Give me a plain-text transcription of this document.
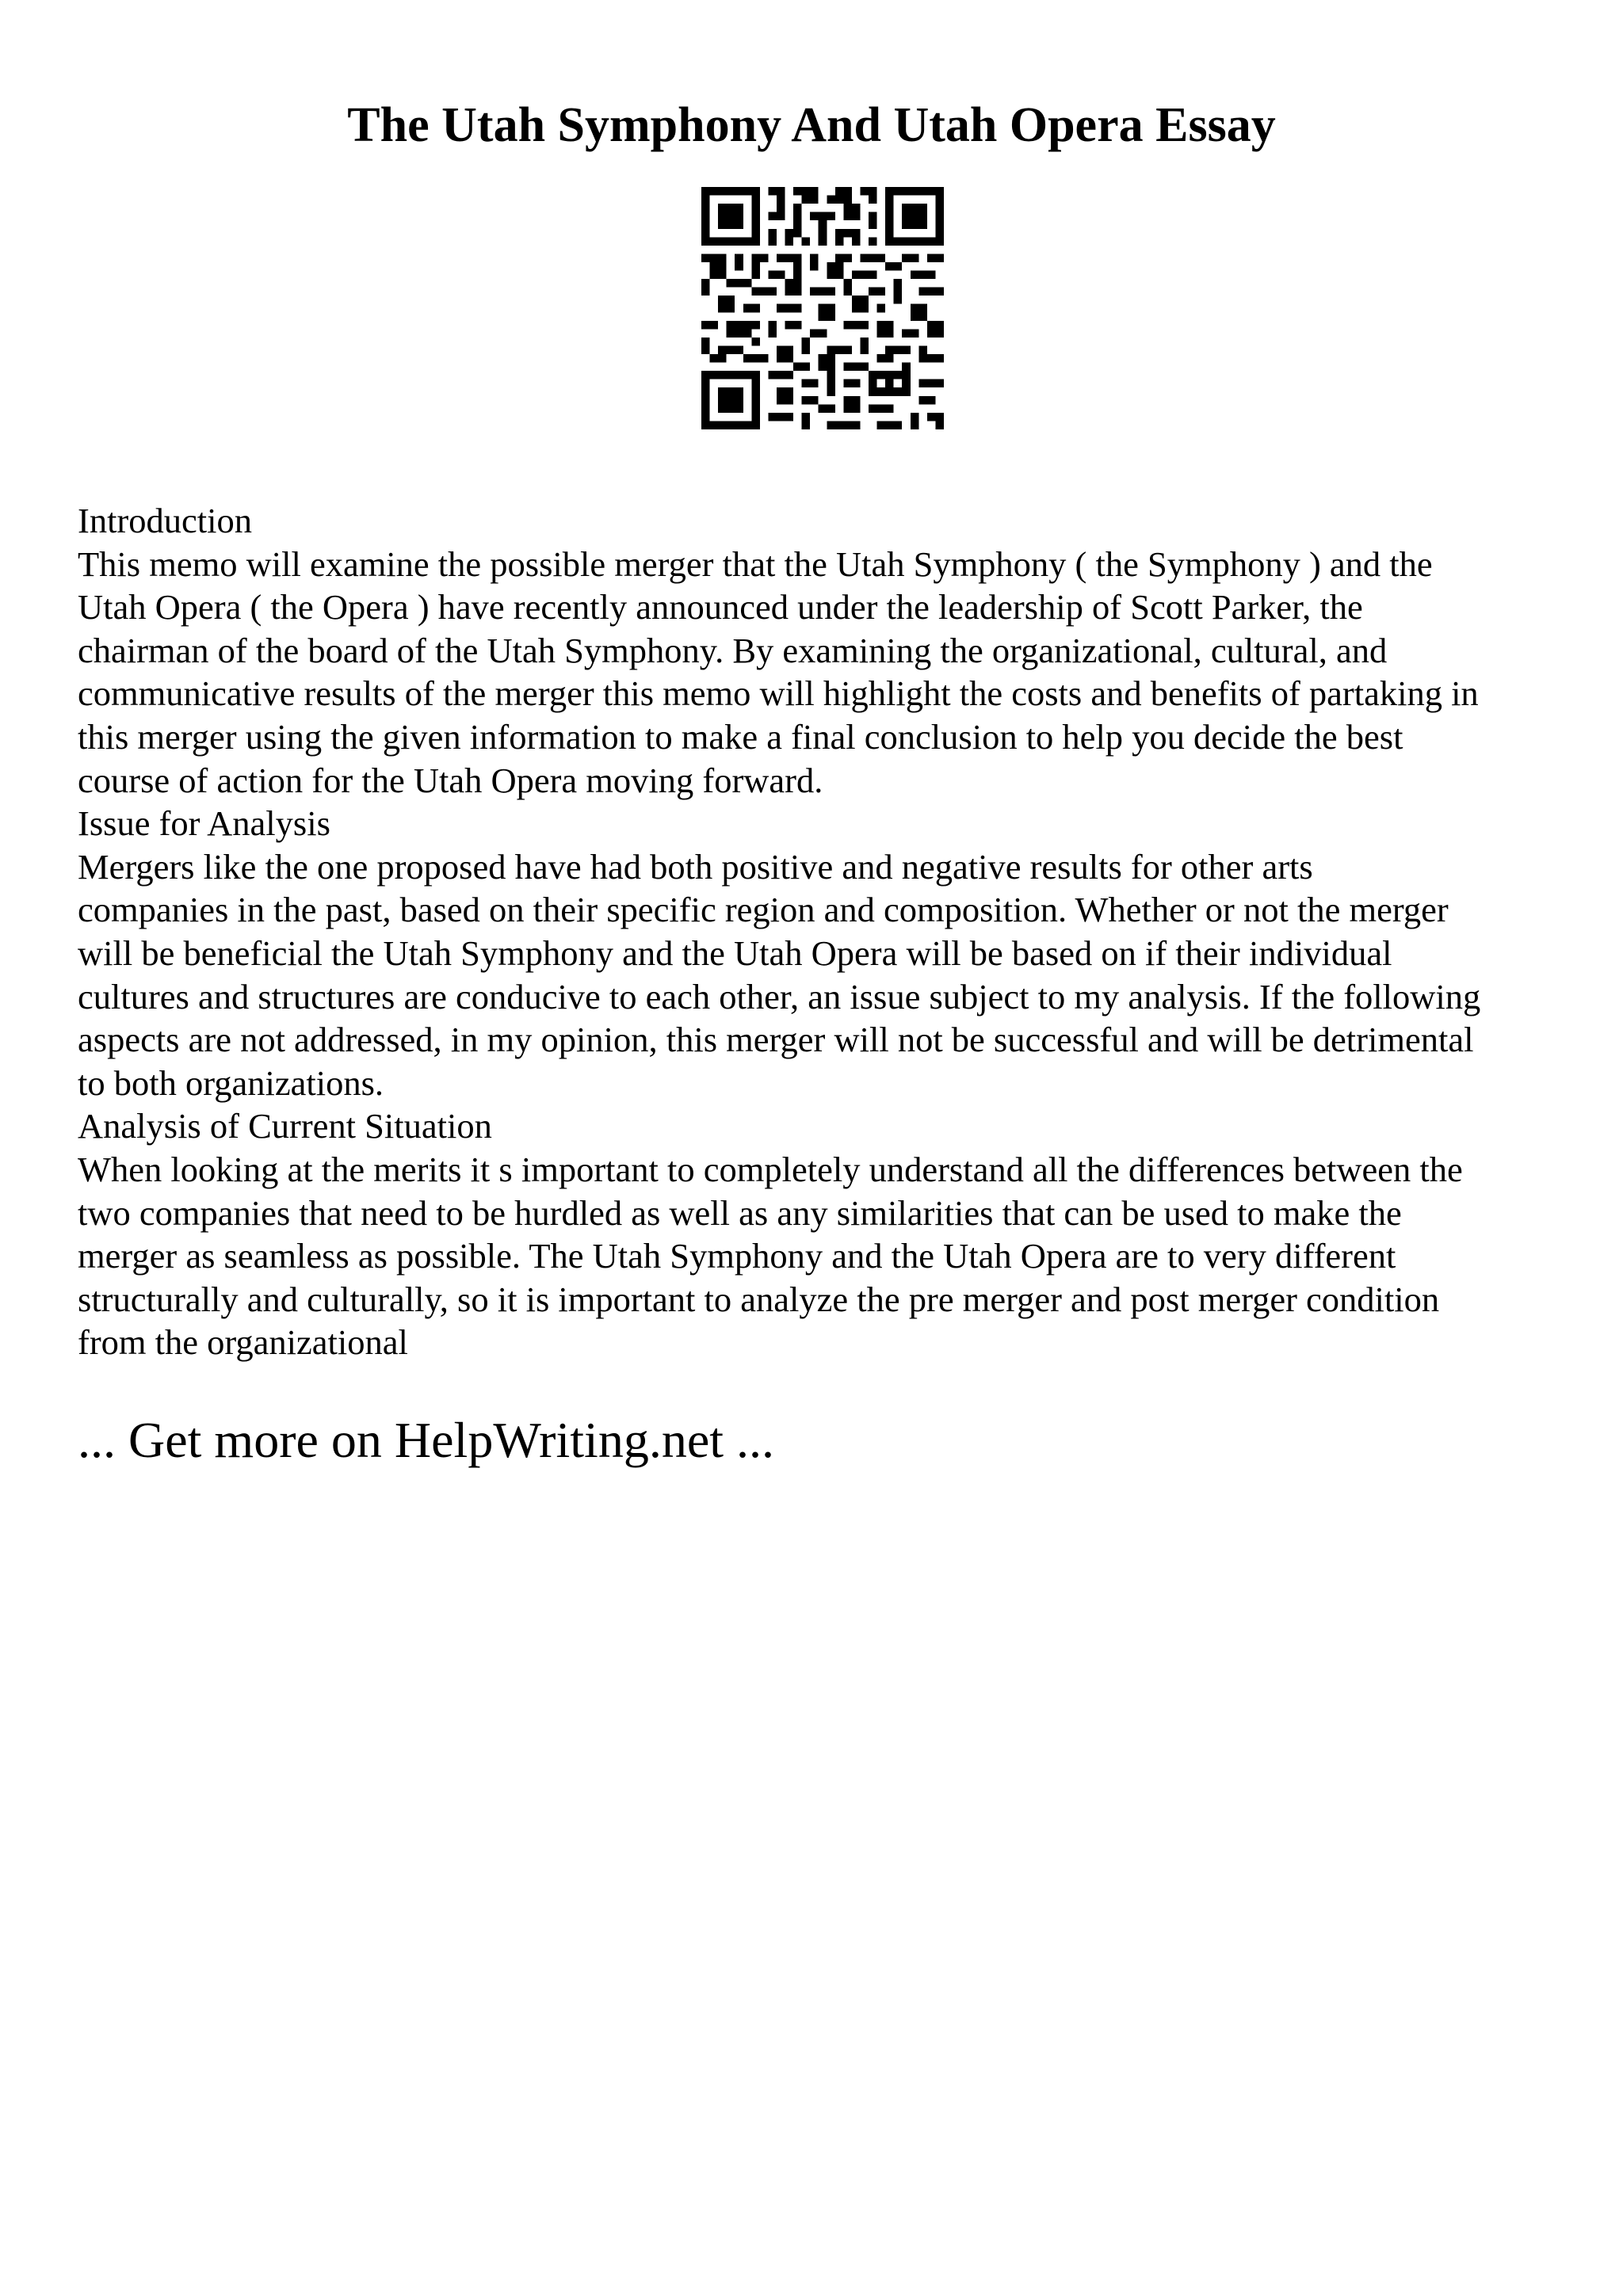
The Utah Symphony And Utah Opera Essay

Introduction

This memo will examine the possible merger that the Utah Symphony ( the Symphony ) and the
Utah Opera ( the Opera ) have recently announced under the leadership of Scott Parker, the
chairman of the board of the Utah Symphony. By examining the organizational, cultural, and
communicative results of the merger this memo will highlight the costs and benefits of partaking in
this merger using the given information to make a final conclusion to help you decide the best
course of action for the Utah Opera moving forward.

Issue for Analysis

Mergers like the one proposed have had both positive and negative results for other arts
companies in the past, based on their specific region and composition. Whether or not the merger
will be beneficial the Utah Symphony and the Utah Opera will be based on if their individual
cultures and structures are conducive to each other, an issue subject to my analysis. If the following
aspects are not addressed, in my opinion, this merger will not be successful and will be detrimental
to both organizations.

Analysis of Current Situation

When looking at the merits it s important to completely understand all the differences between the
two companies that need to be hurdled as well as any similarities that can be used to make the
merger as seamless as possible. The Utah Symphony and the Utah Opera are to very different
structurally and culturally, so it is important to analyze the pre merger and post merger condition
from the organizational

... Get more on HelpWriting.net ...
